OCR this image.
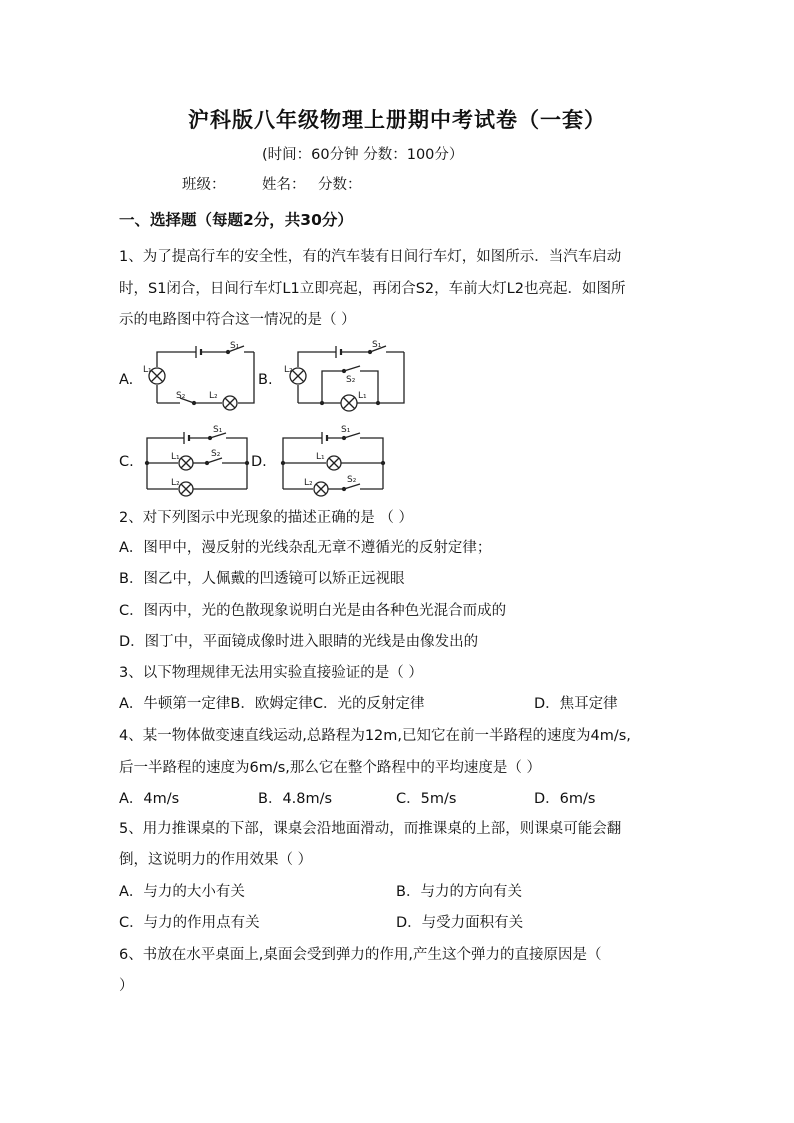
沪科版八年级物理上册期中考试卷（一套）
(时间：60分钟 分数：100分）
班级：	姓名： 分数：
一、选择题（每题2分，共30分）
1、为了提高行车的安全性，有的汽车装有日间行车灯，如图所示．当汽车启动
时，S1闭合，日间行车灯L1立即亮起，再闭合S2，车前大灯L2也亮起．如图所
示的电路图中符合这一情况的是（ ）
A.	B.
C.	D.
S₁
S₂
L₁
L₂
S₁
S₂
L₁
L₂
S₁
S₂
L₁
L₂
S₁
S₂
L₁
L₂
2、对下列图示中光现象的描述正确的是 （ ）
A．图甲中，漫反射的光线杂乱无章不遵循光的反射定律；
B．图乙中，人佩戴的凹透镜可以矫正远视眼
C．图丙中，光的色散现象说明白光是由各种色光混合而成的
D．图丁中，平面镜成像时进入眼睛的光线是由像发出的
3、以下物理规律无法用实验直接验证的是（ ）
A．牛顿第一定律B．欧姆定律C．光的反射定律	D．焦耳定律
4、某一物体做变速直线运动,总路程为12m,已知它在前一半路程的速度为4m/s,
后一半路程的速度为6m/s,那么它在整个路程中的平均速度是（ ）
A．4m/s	B．4.8m/s	C．5m/s	D．6m/s
5、用力推课桌的下部，课桌会沿地面滑动，而推课桌的上部，则课桌可能会翻
倒，这说明力的作用效果（ ）
A．与力的大小有关	B．与力的方向有关
C．与力的作用点有关	D．与受力面积有关
6、书放在水平桌面上,桌面会受到弹力的作用,产生这个弹力的直接原因是（
）
